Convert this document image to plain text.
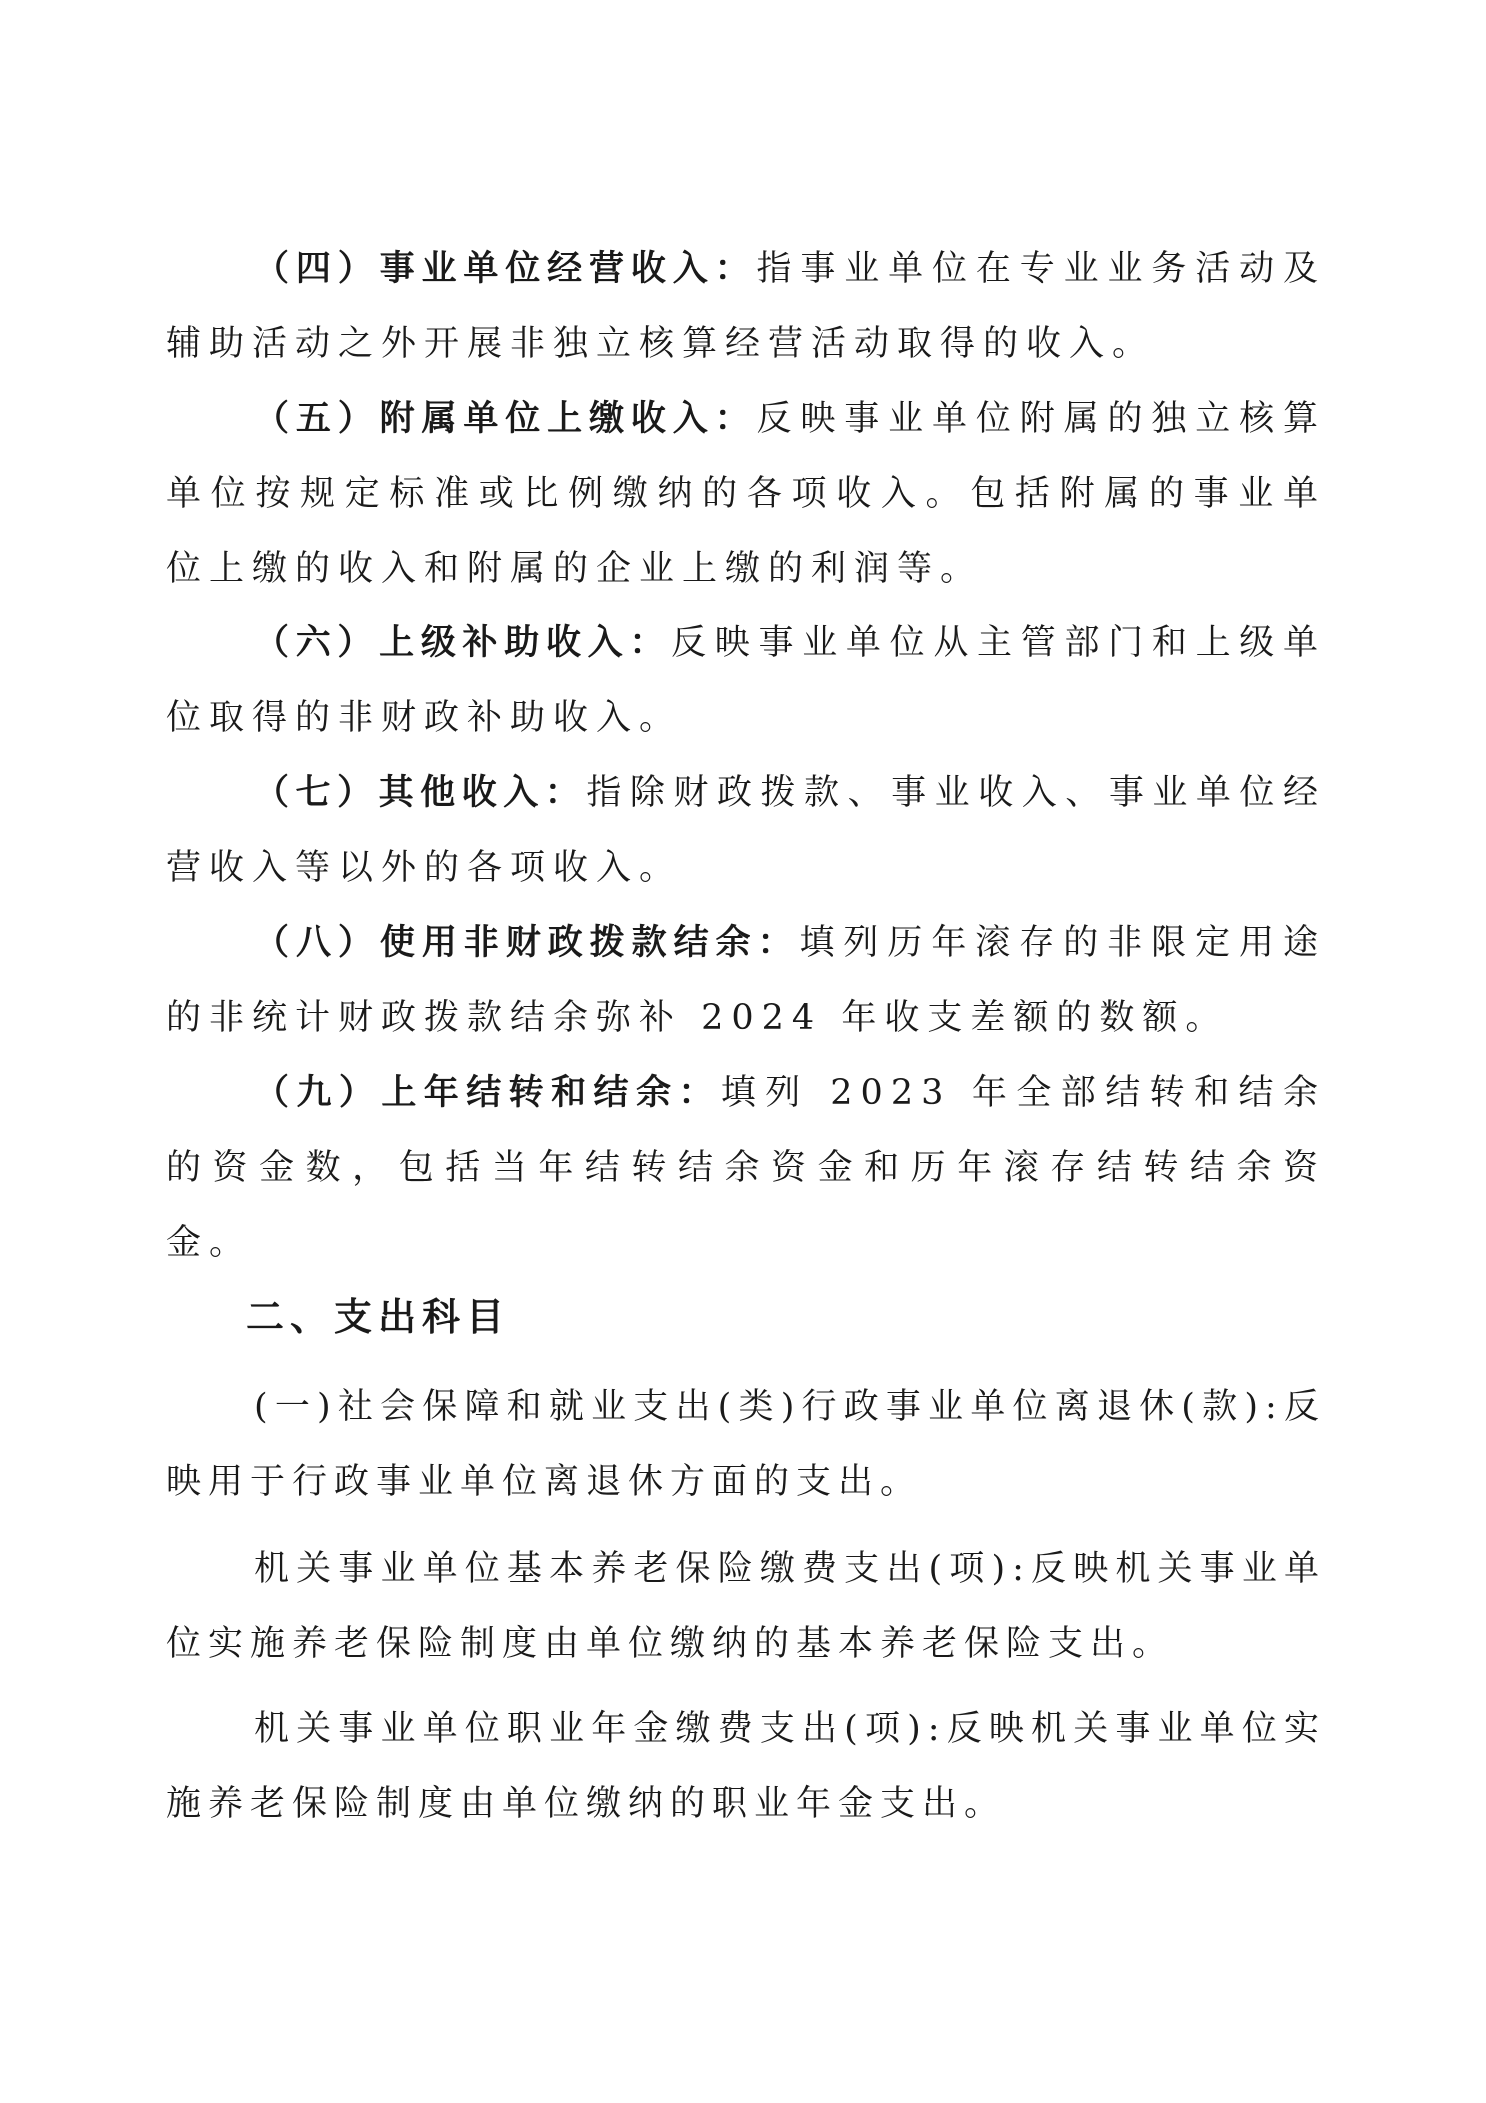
（四）事业单位经营收入：指事业单位在专业业务活动及辅助活动之外开展非独立核算经营活动取得的收入。

（五）附属单位上缴收入：反映事业单位附属的独立核算单位按规定标准或比例缴纳的各项收入。包括附属的事业单位上缴的收入和附属的企业上缴的利润等。

（六）上级补助收入：反映事业单位从主管部门和上级单位取得的非财政补助收入。

（七）其他收入：指除财政拨款、事业收入、事业单位经营收入等以外的各项收入。

（八）使用非财政拨款结余：填列历年滚存的非限定用途的非统计财政拨款结余弥补 2024 年收支差额的数额。

（九）上年结转和结余：填列 2023 年全部结转和结余的资金数，包括当年结转结余资金和历年滚存结转结余资金。

二、支出科目

(一)社会保障和就业支出(类)行政事业单位离退休(款):反映用于行政事业单位离退休方面的支出。

机关事业单位基本养老保险缴费支出(项):反映机关事业单位实施养老保险制度由单位缴纳的基本养老保险支出。

机关事业单位职业年金缴费支出(项):反映机关事业单位实施养老保险制度由单位缴纳的职业年金支出。
